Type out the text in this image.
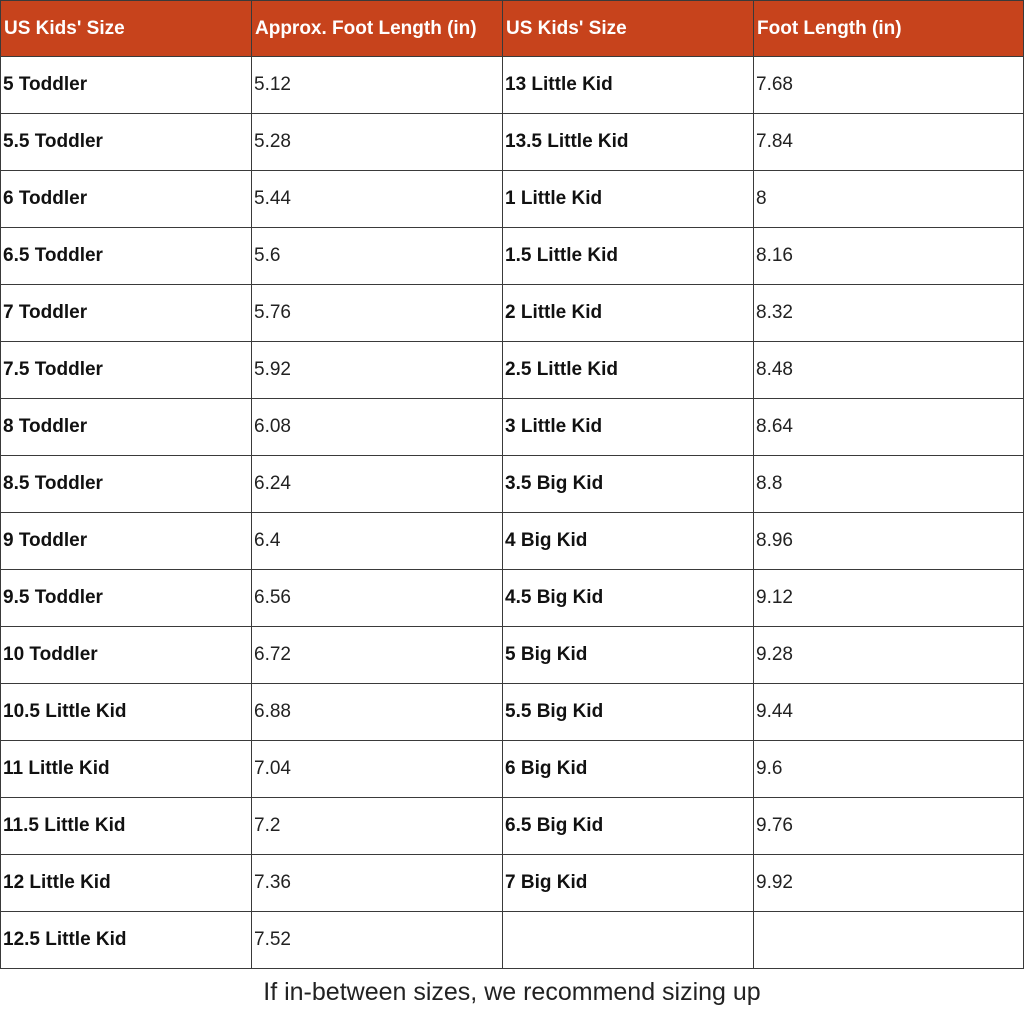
US Kids' Size	Approx. Foot Length (in)	US Kids' Size	Foot Length (in)
5 Toddler	5.12	13 Little Kid	7.68
5.5 Toddler	5.28	13.5 Little Kid	7.84
6 Toddler	5.44	1 Little Kid	8
6.5 Toddler	5.6	1.5 Little Kid	8.16
7 Toddler	5.76	2 Little Kid	8.32
7.5 Toddler	5.92	2.5 Little Kid	8.48
8 Toddler	6.08	3 Little Kid	8.64
8.5 Toddler	6.24	3.5 Big Kid	8.8
9 Toddler	6.4	4 Big Kid	8.96
9.5 Toddler	6.56	4.5 Big Kid	9.12
10 Toddler	6.72	5 Big Kid	9.28
10.5 Little Kid	6.88	5.5 Big Kid	9.44
11 Little Kid	7.04	6 Big Kid	9.6
11.5 Little Kid	7.2	6.5 Big Kid	9.76
12 Little Kid	7.36	7 Big Kid	9.92
12.5 Little Kid	7.52		
If in-between sizes, we recommend sizing up
